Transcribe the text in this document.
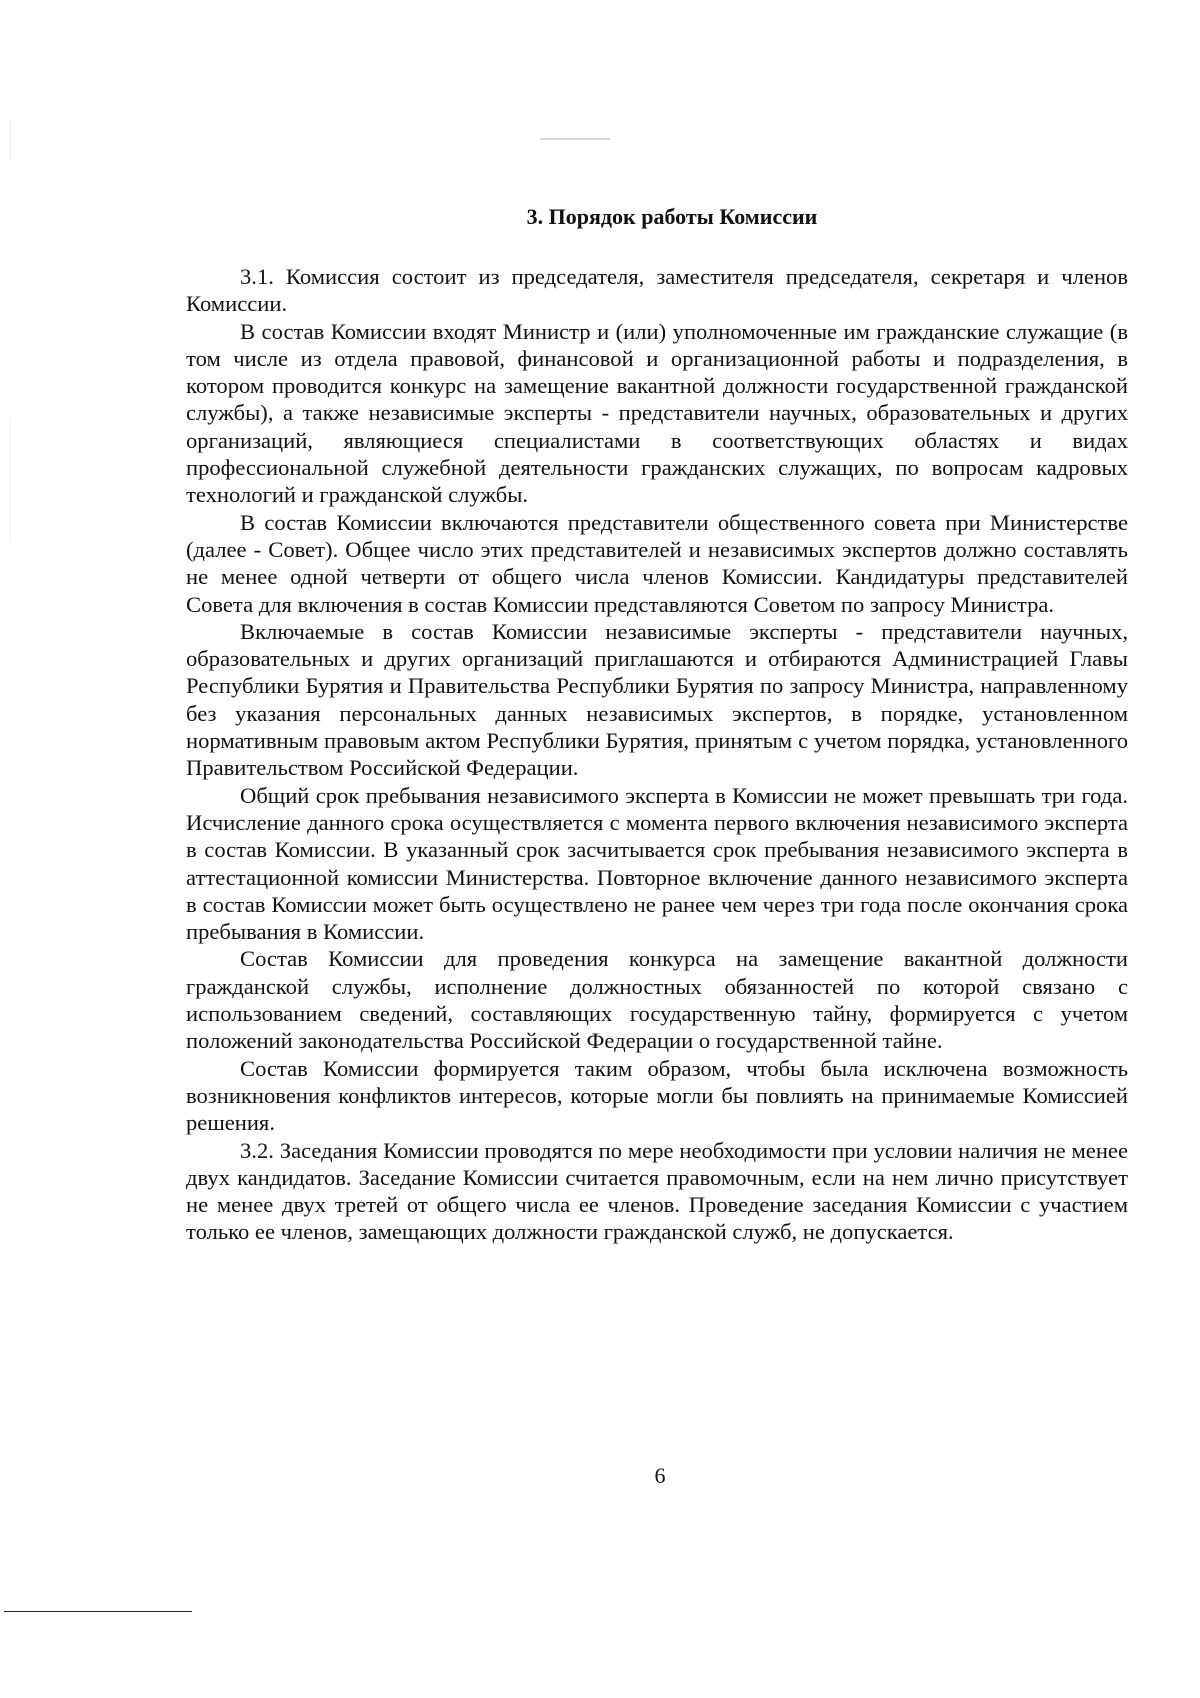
3. Порядок работы Комиссии

3.1. Комиссия состоит из председателя, заместителя председателя, секретаря и членов Комиссии.

В состав Комиссии входят Министр и (или) уполномоченные им гражданские служащие (в том числе из отдела правовой, финансовой и организационной работы и подразделения, в котором проводится конкурс на замещение вакантной должности государственной гражданской службы), а также независимые эксперты - представители научных, образовательных и других организаций, являющиеся специалистами в соответствующих областях и видах профессиональной служебной деятельности гражданских служащих, по вопросам кадровых технологий и гражданской службы.

В состав Комиссии включаются представители общественного совета при Министерстве (далее - Совет). Общее число этих представителей и независимых экспертов должно составлять не менее одной четверти от общего числа членов Комиссии. Кандидатуры представителей Совета для включения в состав Комиссии представляются Советом по запросу Министра.

Включаемые в состав Комиссии независимые эксперты - представители научных, образовательных и других организаций приглашаются и отбираются Администрацией Главы Республики Бурятия и Правительства Республики Бурятия по запросу Министра, направленному без указания персональных данных независимых экспертов, в порядке, установленном нормативным правовым актом Республики Бурятия, принятым с учетом порядка, установленного Правительством Российской Федерации.

Общий срок пребывания независимого эксперта в Комиссии не может превышать три года. Исчисление данного срока осуществляется с момента первого включения независимого эксперта в состав Комиссии. В указанный срок засчитывается срок пребывания независимого эксперта в аттестационной комиссии Министерства. Повторное включение данного независимого эксперта в состав Комиссии может быть осуществлено не ранее чем через три года после окончания срока пребывания в Комиссии.

Состав Комиссии для проведения конкурса на замещение вакантной должности гражданской службы, исполнение должностных обязанностей по которой связано с использованием сведений, составляющих государственную тайну, формируется с учетом положений законодательства Российской Федерации о государственной тайне.

Состав Комиссии формируется таким образом, чтобы была исключена возможность возникновения конфликтов интересов, которые могли бы повлиять на принимаемые Комиссией решения.

3.2. Заседания Комиссии проводятся по мере необходимости при условии наличия не менее двух кандидатов. Заседание Комиссии считается правомочным, если на нем лично присутствует не менее двух третей от общего числа ее членов. Проведение заседания Комиссии с участием только ее членов, замещающих должности гражданской служб, не допускается.

6
